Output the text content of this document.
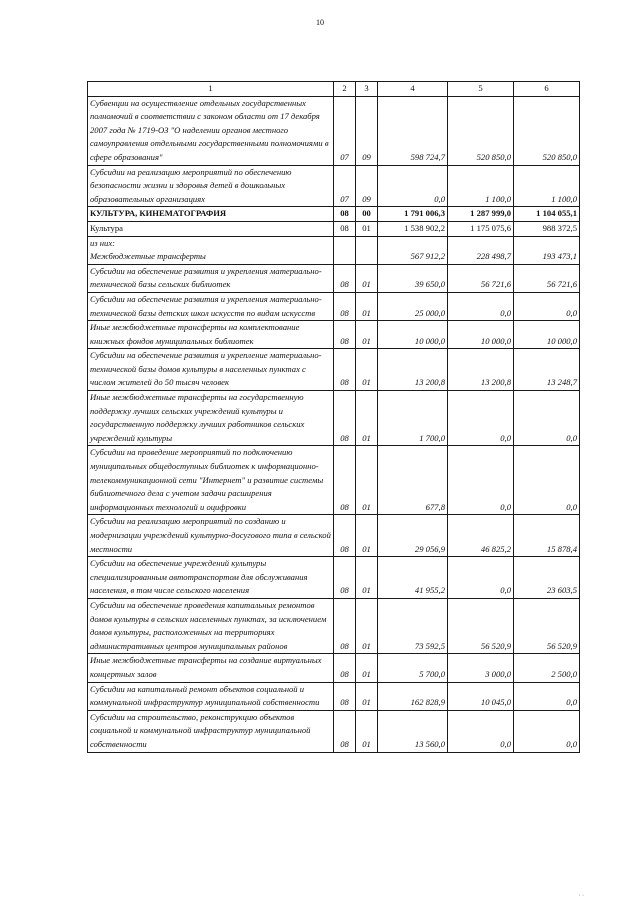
10
1	2	3	4	5	6

Субвенции на осуществление отдельных государственных полномочий в соответствии с законом области от 17 декабря 2007 года № 1719-ОЗ "О наделении органов местного самоуправления отдельными государственными полномочиями в сфере образования"	07	09	598 724,7	520 850,0	520 850,0

Субсидии на реализацию мероприятий по обеспечению безопасности жизни и здоровья детей в дошкольных образовательных организациях	07	09	0,0	1 100,0	1 100,0

КУЛЬТУРА, КИНЕМАТОГРАФИЯ	08	00	1 791 006,3	1 287 999,0	1 104 055,1

Культура	08	01	1 538 902,2	1 175 075,6	988 372,5

из них:
Межбюджетные трансферты			567 912,2	228 498,7	193 473,1

Субсидии на обеспечение развития и укрепления материально-технической базы сельских библиотек	08	01	39 650,0	56 721,6	56 721,6

Субсидии на обеспечение развития и укрепления материально-технической базы детских школ искусств по видам искусств	08	01	25 000,0	0,0	0,0

Иные межбюджетные трансферты на комплектование книжных фондов муниципальных библиотек	08	01	10 000,0	10 000,0	10 000,0

Субсидии на обеспечение развития и укрепление материально-технической базы домов культуры в населенных пунктах с числом жителей до 50 тысяч человек	08	01	13 200,8	13 200,8	13 248,7

Иные межбюджетные трансферты на государственную поддержку лучших сельских учреждений культуры и государственную поддержку лучших работников сельских учреждений культуры	08	01	1 700,0	0,0	0,0

Субсидии на проведение мероприятий по подключению муниципальных общедоступных библиотек к информационно-телекоммуникационной сети "Интернет" и развитие системы библиотечного дела с учетом задачи расширения информационных технологий и оцифровки	08	01	677,8	0,0	0,0

Субсидии на реализацию мероприятий по созданию и модернизации учреждений культурно-досугового типа в сельской местности	08	01	29 056,9	46 825,2	15 878,4

Субсидии на обеспечение учреждений культуры специализированным автотранспортом для обслуживания населения, в том числе сельского населения	08	01	41 955,2	0,0	23 603,5

Субсидии на обеспечение проведения капитальных ремонтов домов культуры в сельских населенных пунктах, за исключением домов культуры, расположенных на территориях административных центров муниципальных районов	08	01	73 592,5	56 520,9	56 520,9

Иные межбюджетные трансферты на создание виртуальных концертных залов	08	01	5 700,0	3 000,0	2 500,0

Субсидии на капитальный ремонт объектов социальной и коммунальной инфраструктур муниципальной собственности	08	01	162 828,9	10 045,0	0,0

Субсидии на строительство, реконструкцию объектов социальной и коммунальной инфраструктур муниципальной собственности	08	01	13 560,0	0,0	0,0
· ·
